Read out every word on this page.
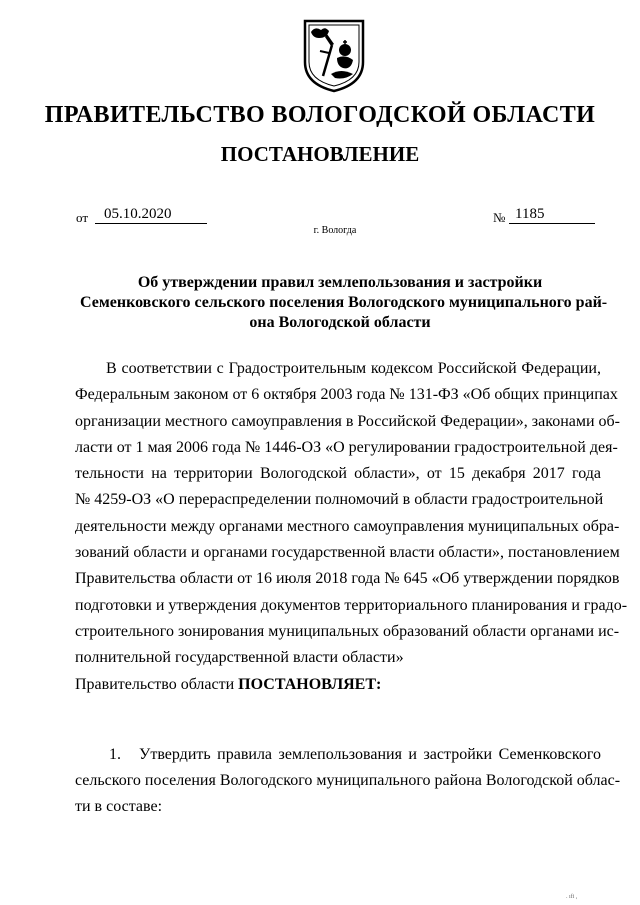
ПРАВИТЕЛЬСТВО ВОЛОГОДСКОЙ ОБЛАСТИ
ПОСТАНОВЛЕНИЕ
от	05.10.2020	№ 1185
г. Вологда
Об утверждении правил землепользования и застройки
Семенковского сельского поселения Вологодского муниципального рай-
она Вологодской области
В соответствии с Градостроительным кодексом Российской Федерации,
Федеральным законом от 6 октября 2003 года № 131-ФЗ «Об общих принципах
организации местного самоуправления в Российской Федерации», законами об-
ласти от 1 мая 2006 года № 1446-ОЗ «О регулировании градостроительной дея-
тельности на территории Вологодской области», от 15 декабря 2017 года
№ 4259-ОЗ «О перераспределении полномочий в области градостроительной
деятельности между органами местного самоуправления муниципальных обра-
зований области и органами государственной власти области», постановлением
Правительства области от 16 июля 2018 года № 645 «Об утверждении порядков
подготовки и утверждения документов территориального планирования и градо-
строительного зонирования муниципальных образований области органами ис-
полнительной государственной власти области»
Правительство области ПОСТАНОВЛЯЕТ:
1. Утвердить правила землепользования и застройки Семенковского
сельского поселения Вологодского муниципального района Вологодской облас-
ти в составе:
. ıfi ,
